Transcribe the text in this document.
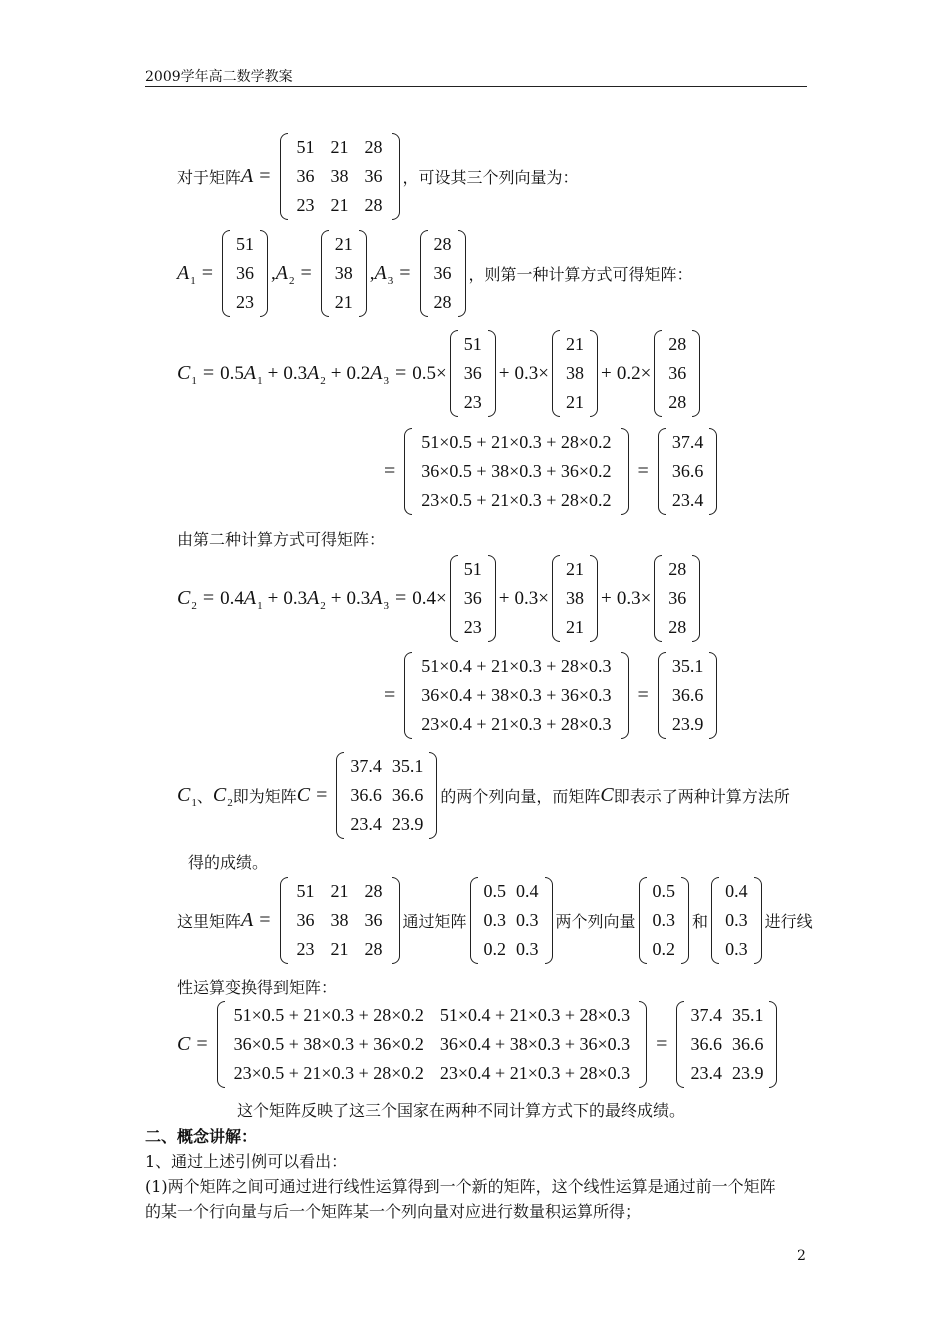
2009学年高二数学教案
对于矩阵 A =
51	21	28
36	38	36
23	21	28
，可设其三个列向量为：
$A_1$ =
51
36
23
, $A_2$ =
21
38
21
, $A_3$ =
28
36
28
，则第一种计算方式可得矩阵：
$C_1 = 0.5$ $A_1 + 0.3$ $A_2 + 0.2$ $A_3 = 0.5$ ×
51
36
23
+
0.3 ×
21
38
21
+
0.2 ×
28
36
28
=
51×0.5 + 21×0.3 + 28×0.2
36×0.5 + 38×0.3 + 36×0.2
23×0.5 + 21×0.3 + 28×0.2
=
37.4
36.6
23.4
由第二种计算方式可得矩阵：
$C_2 = 0.4$ $A_1 + 0.3$ $A_2 + 0.3$ $A_3 = 0.4$ ×
51
36
23
+
0.3 ×
21
38
21
+
0.3 ×
28
36
28
=
51×0.4 + 21×0.3 + 28×0.3
36×0.4 + 38×0.3 + 36×0.3
23×0.4 + 21×0.3 + 28×0.3
=
35.1
36.6
23.9
$C_1$ 、 $C_2$ 即为矩阵 C =
37.4	35.1
36.6	36.6
23.4	23.9
的两个列向量，而矩阵 C 即表示了两种计算方法所
得的成绩。
这里矩阵 A =
51	21	28
36	38	36
23	21	28
通过矩阵
0.5	0.4
0.3	0.3
0.2	0.3
两个列向量
0.5
0.3
0.2
和
0.4
0.3
0.3
进行线
性运算变换得到矩阵：
C =
51×0.5 + 21×0.3 + 28×0.2	51×0.4 + 21×0.3 + 28×0.3
36×0.5 + 38×0.3 + 36×0.2	36×0.4 + 38×0.3 + 36×0.3
23×0.5 + 21×0.3 + 28×0.2	23×0.4 + 21×0.3 + 28×0.3
=
37.4	35.1
36.6	36.6
23.4	23.9
这个矩阵反映了这三个国家在两种不同计算方式下的最终成绩。
二、概念讲解：
1、通过上述引例可以看出：
(1)两个矩阵之间可通过进行线性运算得到一个新的矩阵，这个线性运算是通过前一个矩阵
的某一个行向量与后一个矩阵某一个列向量对应进行数量积运算所得；
2
